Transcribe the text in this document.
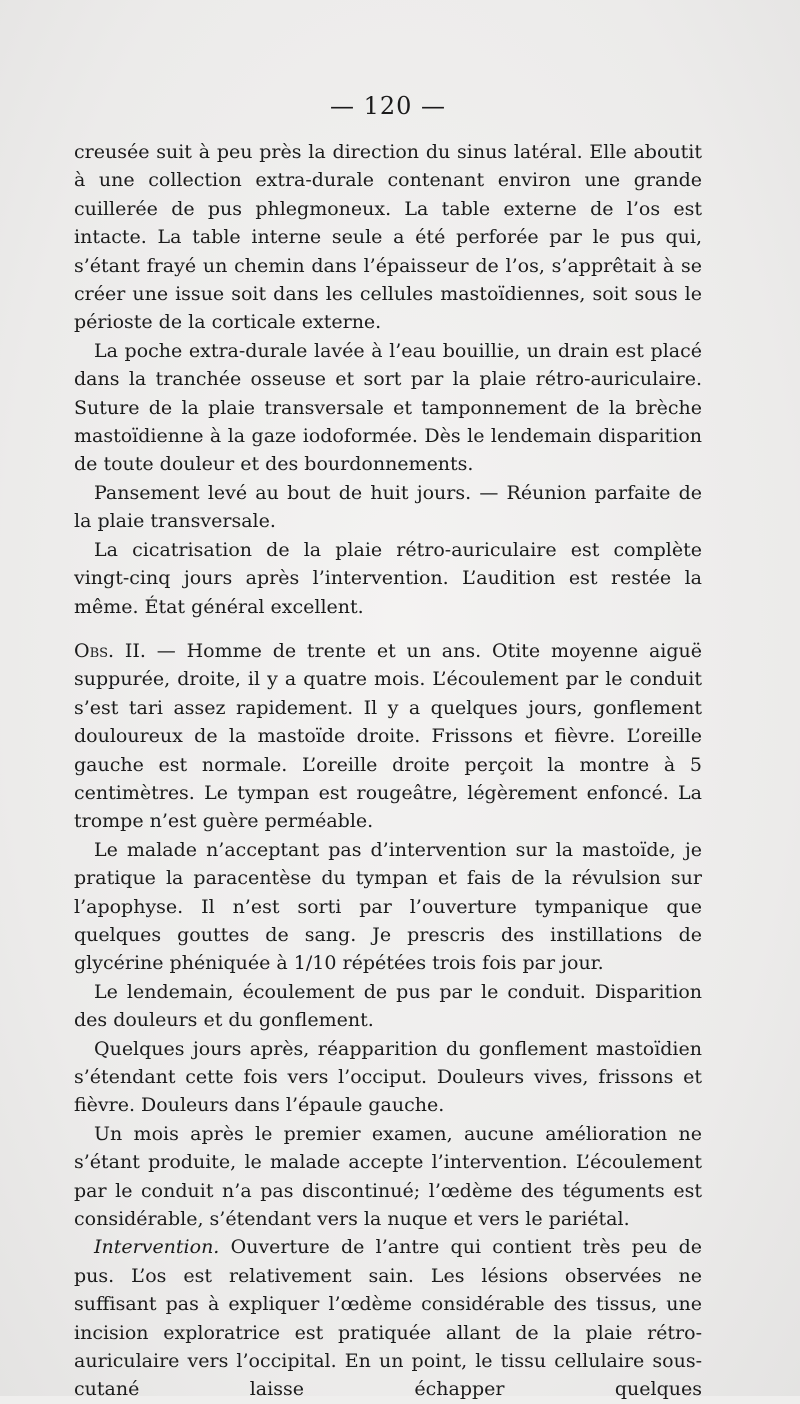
— 120 —

creusée suit à peu près la direction du sinus latéral. Elle aboutit à une collection extra-durale contenant environ une grande cuillerée de pus phlegmoneux. La table externe de l’os est intacte. La table interne seule a été perforée par le pus qui, s’étant frayé un chemin dans l’épaisseur de l’os, s’apprêtait à se créer une issue soit dans les cellules mastoïdiennes, soit sous le périoste de la corticale externe.

La poche extra-durale lavée à l’eau bouillie, un drain est placé dans la tranchée osseuse et sort par la plaie rétro-auriculaire. Suture de la plaie transversale et tamponnement de la brèche mastoïdienne à la gaze iodoformée. Dès le lendemain disparition de toute douleur et des bourdonnements.

Pansement levé au bout de huit jours. — Réunion parfaite de la plaie transversale.

La cicatrisation de la plaie rétro-auriculaire est complète vingt-cinq jours après l’intervention. L’audition est restée la même. État général excellent.

Obs. II. — Homme de trente et un ans. Otite moyenne aiguë suppurée, droite, il y a quatre mois. L’écoulement par le conduit s’est tari assez rapidement. Il y a quelques jours, gonflement douloureux de la mastoïde droite. Frissons et fièvre. L’oreille gauche est normale. L’oreille droite perçoit la montre à 5 centimètres. Le tympan est rougeâtre, légèrement enfoncé. La trompe n’est guère perméable.

Le malade n’acceptant pas d’intervention sur la mastoïde, je pratique la paracentèse du tympan et fais de la révulsion sur l’apophyse. Il n’est sorti par l’ouverture tympanique que quelques gouttes de sang. Je prescris des instillations de glycérine phéniquée à 1/10 répétées trois fois par jour.

Le lendemain, écoulement de pus par le conduit. Disparition des douleurs et du gonflement.

Quelques jours après, réapparition du gonflement mastoïdien s’étendant cette fois vers l’occiput. Douleurs vives, frissons et fièvre. Douleurs dans l’épaule gauche.

Un mois après le premier examen, aucune amélioration ne s’étant produite, le malade accepte l’intervention. L’écoulement par le conduit n’a pas discontinué; l’œdème des téguments est considérable, s’étendant vers la nuque et vers le pariétal.

Intervention. Ouverture de l’antre qui contient très peu de pus. L’os est relativement sain. Les lésions observées ne suffisant pas à expliquer l’œdème considérable des tissus, une incision exploratrice est pratiquée allant de la plaie rétro-auriculaire vers l’occipital. En un point, le tissu cellulaire sous-cutané laisse échapper quelques
